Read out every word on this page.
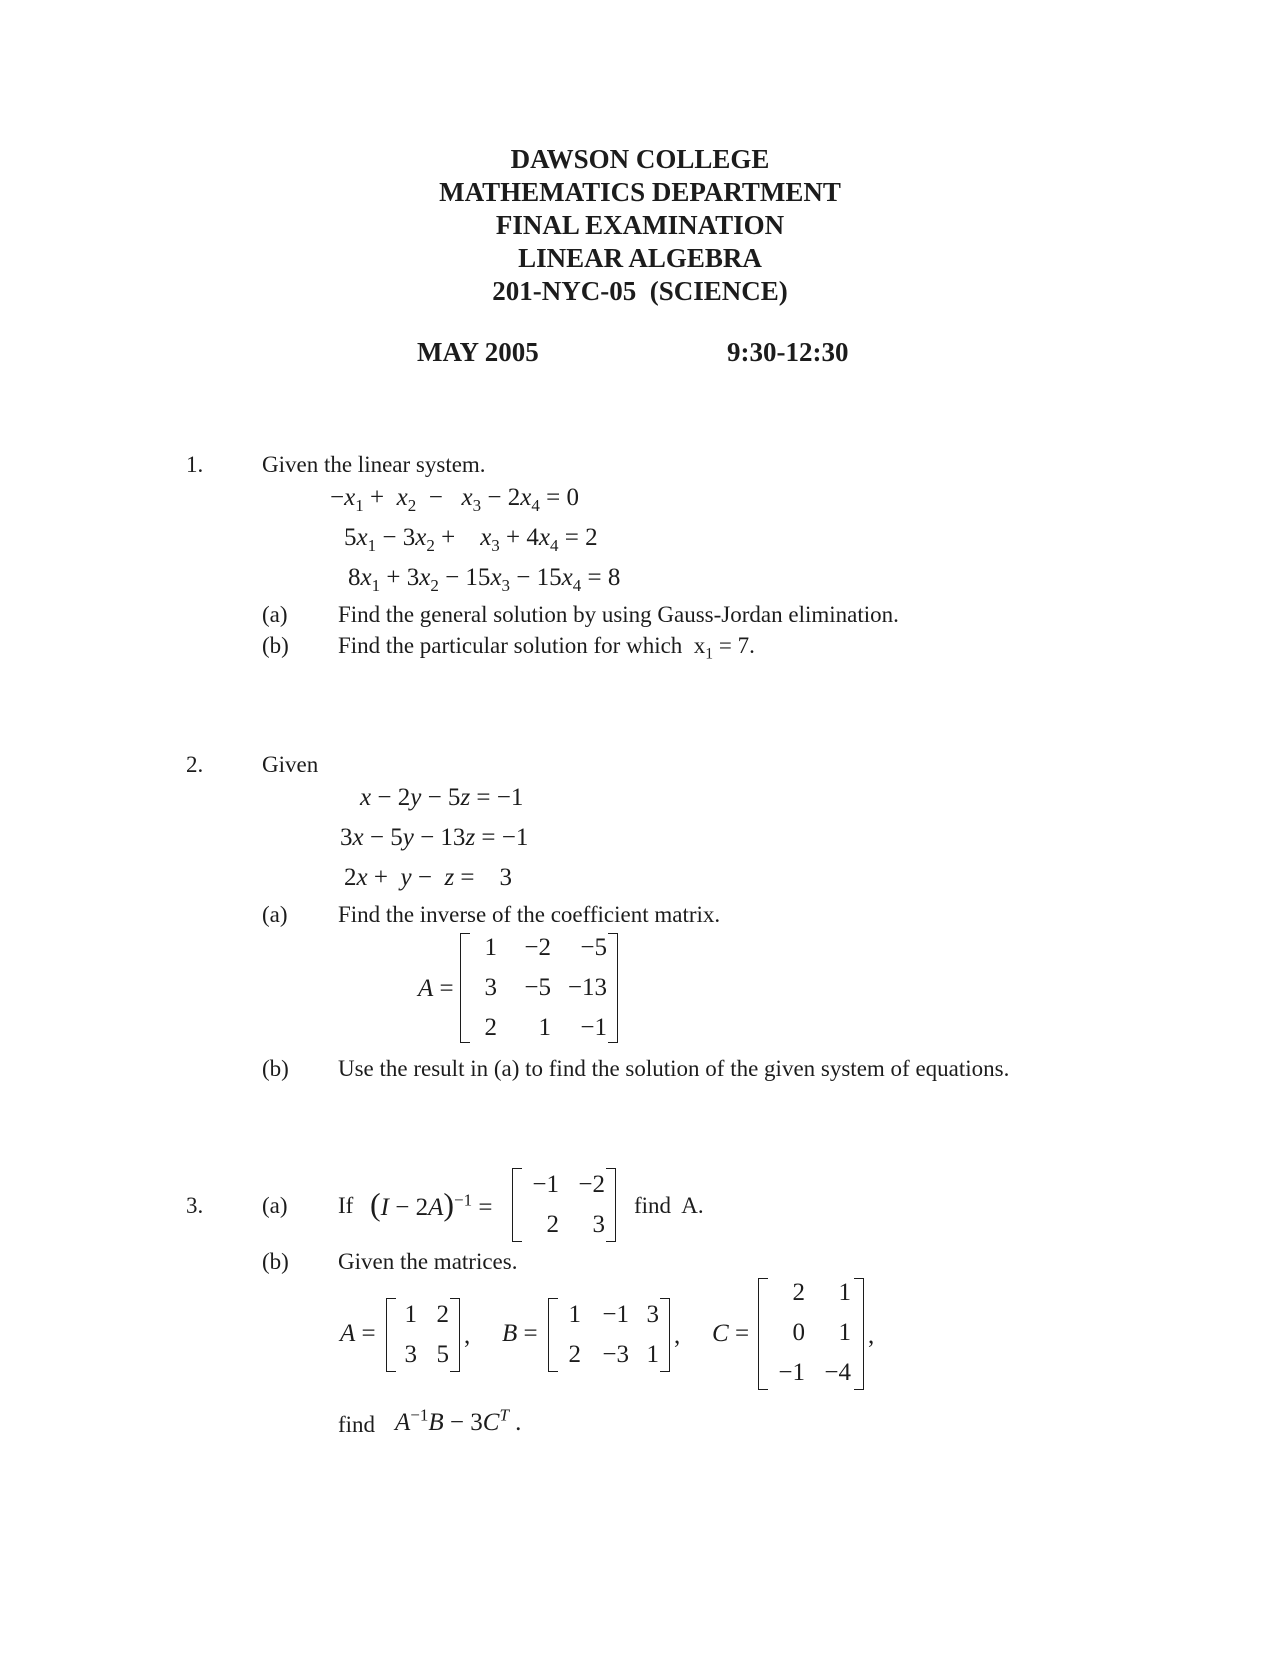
DAWSON COLLEGE
MATHEMATICS DEPARTMENT
FINAL EXAMINATION
LINEAR ALGEBRA
201-NYC-05  (SCIENCE)
MAY 2005	9:30-12:30
1.	Given the linear system.
$-x_1 + x_2 - x_3 - 2x_4 = 0$
$5x_1 - 3x_2$ +    $x_3 + 4x_4 = 2$
$8x_1 + 3x_2 - 15x_3 - 15x_4 = 8$
(a) Find the general solution by using Gauss-Jordan elimination.
(b) Find the particular solution for which  $x_1 = 7$.
2.	Given
x − 2y − 5z = −1
3x − 5y − 13z = −1
2x +  y −  z =    3
(a) Find the inverse of the coefficient matrix.
A =
1	−2	−5
3	−5 −13
2	1	−1
(b) Use the result in (a) to find the solution of the given system of equations.
3.	(a) If $(I - 2A)^{-1}$ =
−1 −2
2	3
find  A.
(b) Given the matrices.
A =
1 2
3 5
, B =
1 −1 3
2 −3 1
, C =
2	1
0	1
−1 −4
,
find $A^{-1}B - 3C^T$ .
